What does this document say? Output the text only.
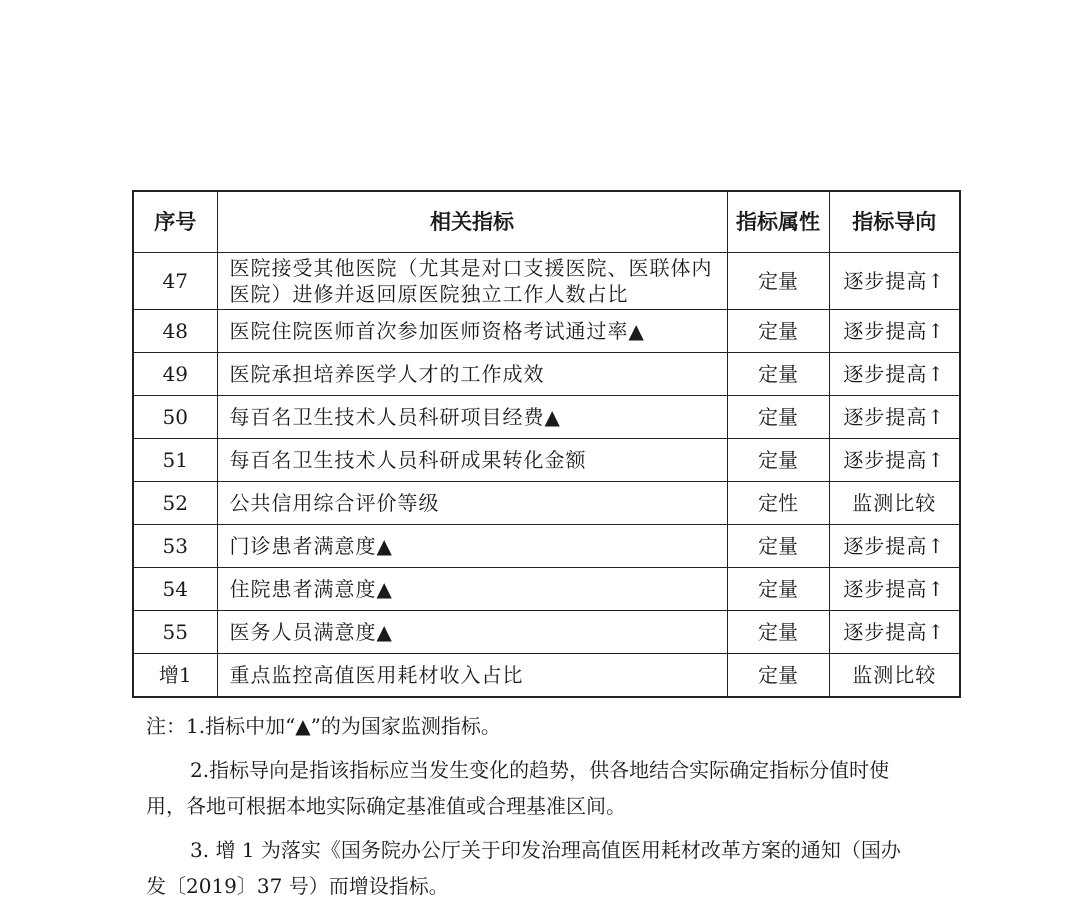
序号	相关指标	指标属性	指标导向
47	医院接受其他医院（尤其是对口支援医院、医联体内医院）进修并返回原医院独立工作人数占比	定量	逐步提高↑
48	医院住院医师首次参加医师资格考试通过率▲	定量	逐步提高↑
49	医院承担培养医学人才的工作成效	定量	逐步提高↑
50	每百名卫生技术人员科研项目经费▲	定量	逐步提高↑
51	每百名卫生技术人员科研成果转化金额	定量	逐步提高↑
52	公共信用综合评价等级	定性	监测比较
53	门诊患者满意度▲	定量	逐步提高↑
54	住院患者满意度▲	定量	逐步提高↑
55	医务人员满意度▲	定量	逐步提高↑
增1	重点监控高值医用耗材收入占比	定量	监测比较

注：1.指标中加“▲”的为国家监测指标。

2.指标导向是指该指标应当发生变化的趋势，供各地结合实际确定指标分值时使

用，各地可根据本地实际确定基准值或合理基准区间。

3. 增 1 为落实《国务院办公厅关于印发治理高值医用耗材改革方案的通知（国办

发〔2019〕37 号）而增设指标。
